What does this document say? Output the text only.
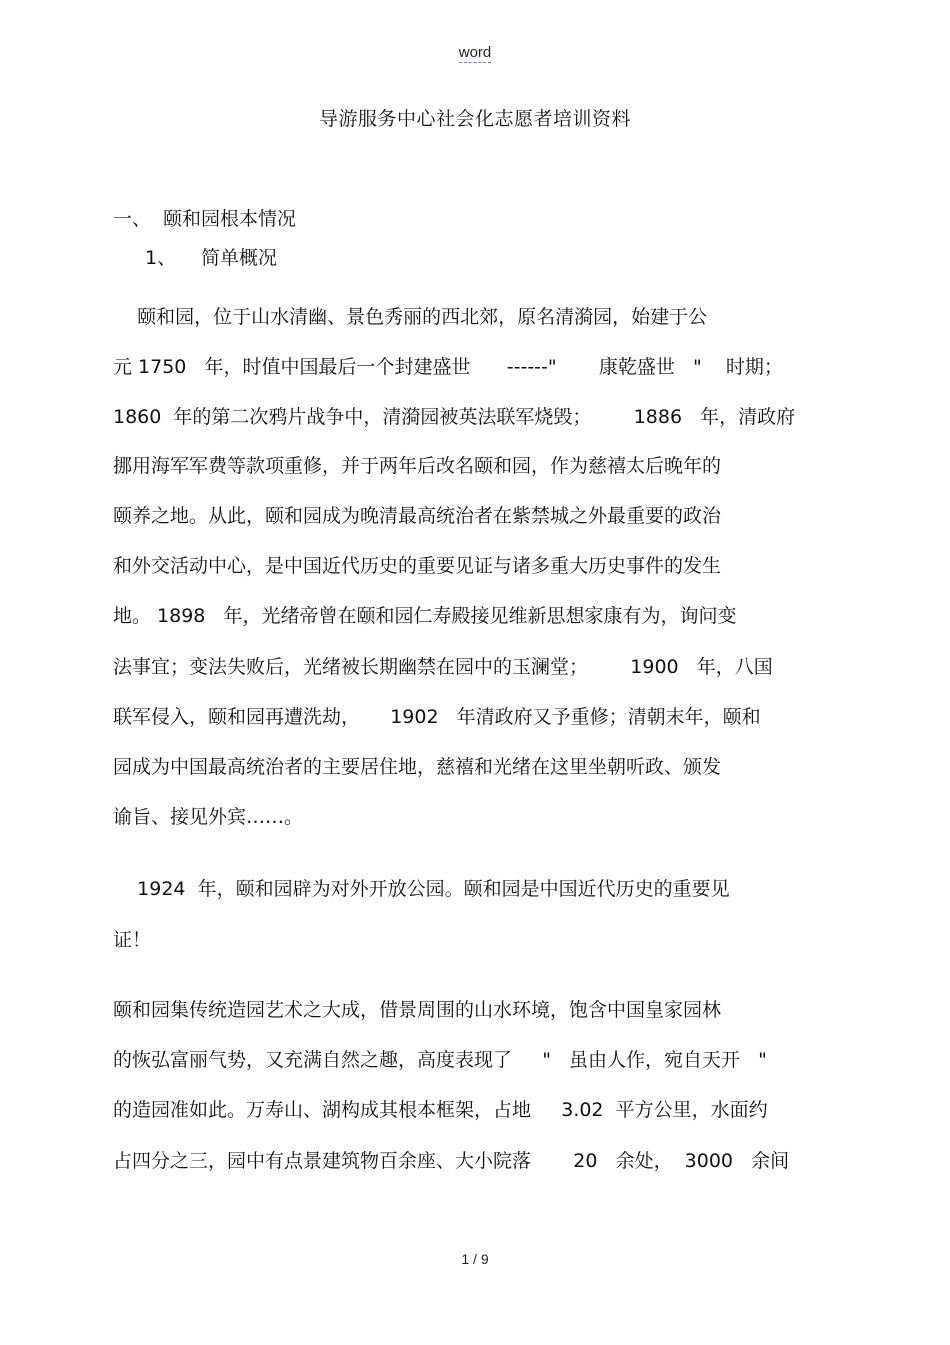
word
导游服务中心社会化志愿者培训资料
一、 颐和园根本情况
1、 简单概况
颐和园，位于山水清幽、景色秀丽的西北郊，原名清漪园，始建于公
元 1750   年，时值中国最后一个封建盛世      ------"       康乾盛世   "    时期；
1860  年的第二次鸦片战争中，清漪园被英法联军烧毁；       1886   年，清政府
挪用海军军费等款项重修，并于两年后改名颐和园，作为慈禧太后晚年的
颐养之地。从此，颐和园成为晚清最高统治者在紫禁城之外最重要的政治
和外交活动中心，是中国近代历史的重要见证与诸多重大历史事件的发生
地。 1898   年，光绪帝曾在颐和园仁寿殿接见维新思想家康有为，询问变
法事宜；变法失败后，光绪被长期幽禁在园中的玉澜堂；       1900   年，八国
联军侵入，颐和园再遭洗劫，     1902   年清政府又予重修；清朝末年，颐和
园成为中国最高统治者的主要居住地，慈禧和光绪在这里坐朝听政、颁发
谕旨、接见外宾……。
1924  年，颐和园辟为对外开放公园。颐和园是中国近代历史的重要见
证！
颐和园集传统造园艺术之大成，借景周围的山水环境，饱含中国皇家园林
的恢弘富丽气势，又充满自然之趣，高度表现了     "   虽由人作，宛自天开   "
的造园准如此。万寿山、湖构成其根本框架，占地     3.02  平方公里，水面约
占四分之三，园中有点景建筑物百余座、大小院落       20   余处，  3000   余间
1 / 9
